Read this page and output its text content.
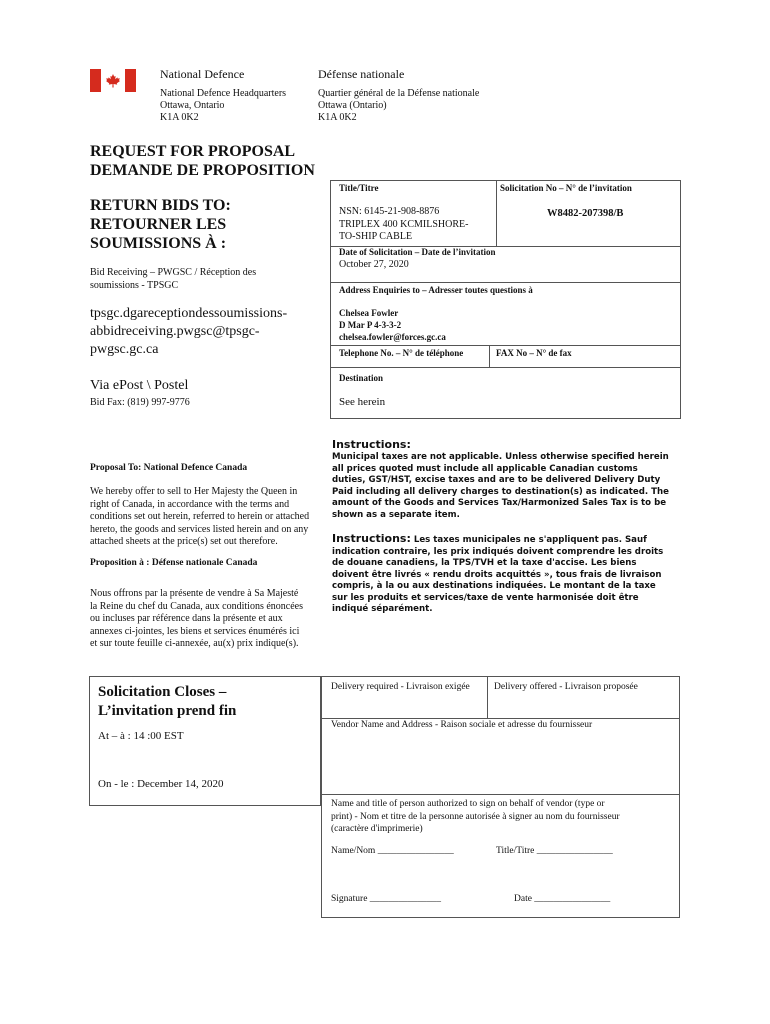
National Defence	Défense nationale
National Defence Headquarters
Ottawa, Ontario
K1A 0K2
Quartier général de la Défense nationale
Ottawa (Ontario)
K1A 0K2
REQUEST FOR PROPOSAL
DEMANDE DE PROPOSITION
RETURN BIDS TO:
RETOURNER LES
SOUMISSIONS À :
Bid Receiving – PWGSC / Réception des
soumissions - TPSGC
tpsgc.dgareceptiondessoumissions-
abbidreceiving.pwgsc@tpsgc-
pwgsc.gc.ca
Via ePost \ Postel
Bid Fax: (819) 997-9776
Title/Titre	Solicitation No – N° de l’invitation
NSN: 6145-21-908-8876
TRIPLEX 400 KCMILSHORE-
TO-SHIP CABLE
W8482-207398/B
Date of Solicitation – Date de l’invitation
October 27, 2020
Address Enquiries to – Adresser toutes questions à
Chelsea Fowler
D Mar P 4-3-3-2
chelsea.fowler@forces.gc.ca
Telephone No. – N° de téléphone	FAX No – N° de fax
Destination
See herein
Instructions:
Municipal taxes are not applicable. Unless otherwise specified herein
all prices quoted must include all applicable Canadian customs
duties, GST/HST, excise taxes and are to be delivered Delivery Duty
Paid including all delivery charges to destination(s) as indicated. The
amount of the Goods and Services Tax/Harmonized Sales Tax is to be
shown as a separate item.
Instructions: Les taxes municipales ne s'appliquent pas. Sauf
indication contraire, les prix indiqués doivent comprendre les droits
de douane canadiens, la TPS/TVH et la taxe d'accise. Les biens
doivent être livrés « rendu droits acquittés », tous frais de livraison
compris, à la ou aux destinations indiquées. Le montant de la taxe
sur les produits et services/taxe de vente harmonisée doit être
indiqué séparément.
Proposal To: National Defence Canada
We hereby offer to sell to Her Majesty the Queen in
right of Canada, in accordance with the terms and
conditions set out herein, referred to herein or attached
hereto, the goods and services listed herein and on any
attached sheets at the price(s) set out therefore.
Proposition à : Défense nationale Canada
Nous offrons par la présente de vendre à Sa Majesté
la Reine du chef du Canada, aux conditions énoncées
ou incluses par référence dans la présente et aux
annexes ci-jointes, les biens et services énumérés ici
et sur toute feuille ci-annexée, au(x) prix indique(s).
Solicitation Closes –
L’invitation prend fin
At – à : 14 :00 EST
On - le : December 14, 2020
Delivery required - Livraison exigée	Delivery offered - Livraison proposée
Vendor Name and Address - Raison sociale et adresse du fournisseur
Name and title of person authorized to sign on behalf of vendor (type or
print) - Nom et titre de la personne autorisée à signer au nom du fournisseur
(caractère d'imprimerie)
Name/Nom ________________	Title/Titre ________________
Signature _______________	Date ________________
